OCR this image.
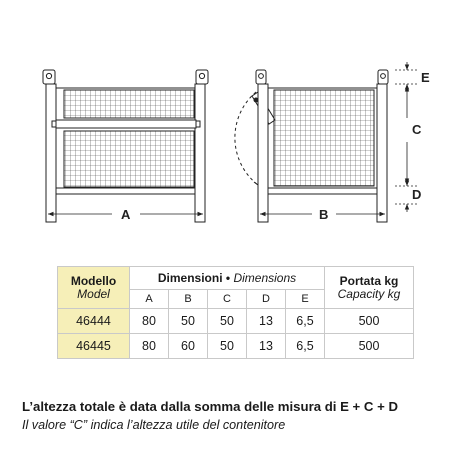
A	B
E
C
D
Modello
Model	Dimensioni • Dimensions					Portata kg
Capacity kg
	A	B	C	D	E	
46444	80	50	50	13	6,5	500
46445	80	60	50	13	6,5	500
L’altezza totale è data dalla somma delle misura di E + C + D
Il valore “C” indica l’altezza utile del contenitore
